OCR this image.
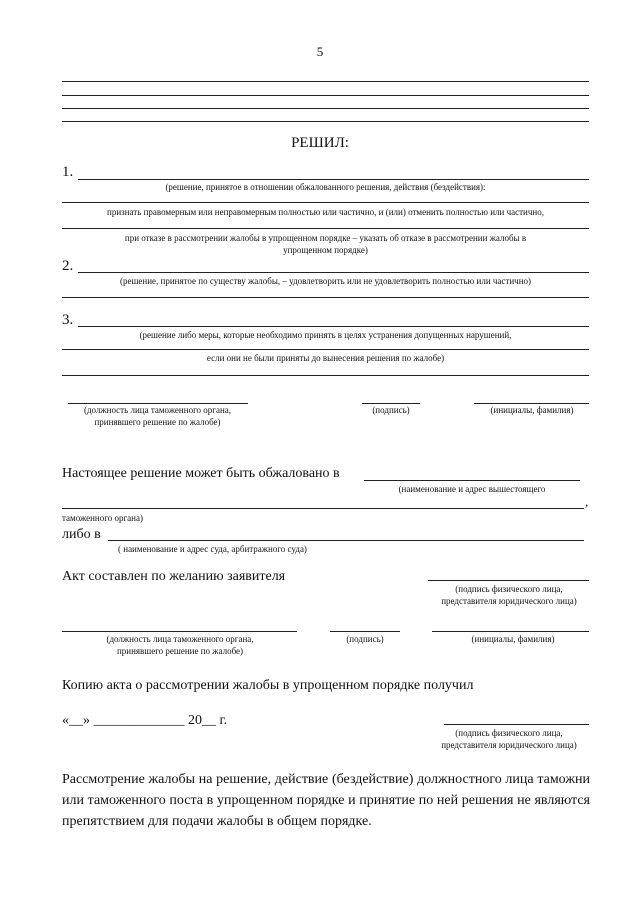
5
РЕШИЛ:
1.
(решение, принятое в отношении обжалованного решения, действия (бездействия):
признать правомерным или неправомерным полностью или частично, и (или) отменить полностью или частично,
при отказе в рассмотрении жалобы в упрощенном порядке – указать об отказе в рассмотрении жалобы в
упрощенном порядке)
2.
(решение, принятое по существу жалобы, – удовлетворить или не удовлетворить полностью или частично)
3.
(решение либо меры, которые необходимо принять в целях устранения допущенных нарушений,
если они не были приняты до вынесения решения по жалобе)
(должность лица таможенного органа,
принявшего решение по жалобе)
(подпись)	(инициалы, фамилия)
Настоящее решение может быть обжаловано в
(наименование и адрес вышестоящего
,
таможенного органа)
либо в
( наименование и адрес суда, арбитражного суда)
Акт составлен по желанию заявителя
(подпись физического лица,
представителя юридического лица)
(должность лица таможенного органа,
принявшего решение по жалобе)
(подпись)	(инициалы, фамилия)
Копию акта о рассмотрении жалобы в упрощенном порядке получил
«__» _____________ 20__ г.
(подпись физического лица,
представителя юридического лица)
Рассмотрение жалобы на решение, действие (бездействие) должностного лица таможни или таможенного поста в упрощенном порядке и принятие по ней решения не являются препятствием для подачи жалобы в общем порядке.
